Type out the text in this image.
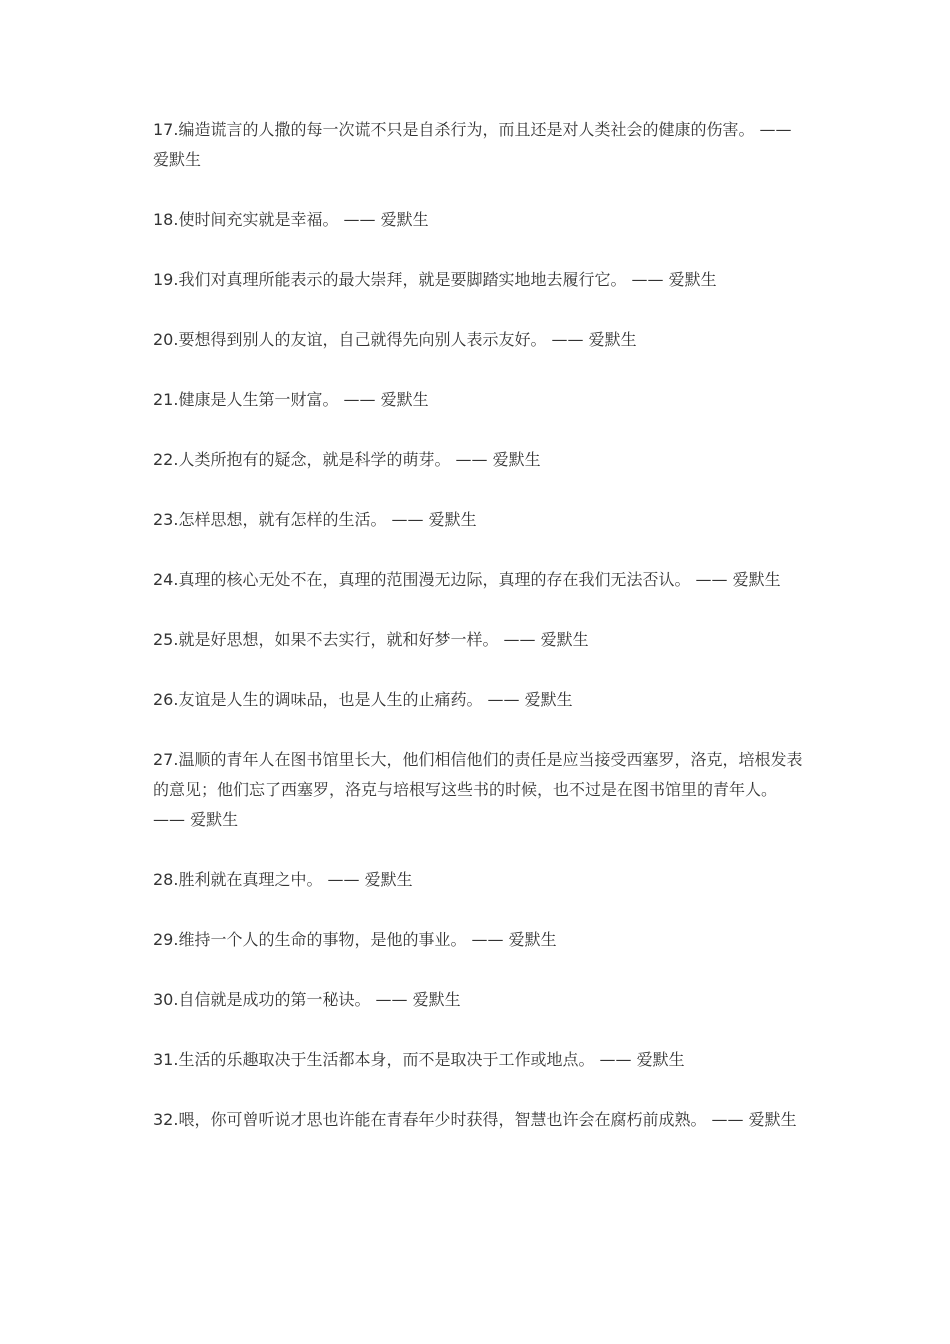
17.编造谎言的人撒的每一次谎不只是自杀行为，而且还是对人类社会的健康的伤害。 —— 爱默生

18.使时间充实就是幸福。 —— 爱默生

19.我们对真理所能表示的最大崇拜，就是要脚踏实地地去履行它。 —— 爱默生

20.要想得到别人的友谊，自己就得先向别人表示友好。 —— 爱默生

21.健康是人生第一财富。 —— 爱默生

22.人类所抱有的疑念，就是科学的萌芽。 —— 爱默生

23.怎样思想，就有怎样的生活。 —— 爱默生

24.真理的核心无处不在，真理的范围漫无边际，真理的存在我们无法否认。 —— 爱默生

25.就是好思想，如果不去实行，就和好梦一样。 —— 爱默生

26.友谊是人生的调味品，也是人生的止痛药。 —— 爱默生

27.温顺的青年人在图书馆里长大，他们相信他们的责任是应当接受西塞罗，洛克，培根发表的意见；他们忘了西塞罗，洛克与培根写这些书的时候，也不过是在图书馆里的青年人。 —— 爱默生

28.胜利就在真理之中。 —— 爱默生

29.维持一个人的生命的事物，是他的事业。 —— 爱默生

30.自信就是成功的第一秘诀。 —— 爱默生

31.生活的乐趣取决于生活都本身，而不是取决于工作或地点。 —— 爱默生

32.喂，你可曾听说才思也许能在青春年少时获得，智慧也许会在腐朽前成熟。 —— 爱默生
